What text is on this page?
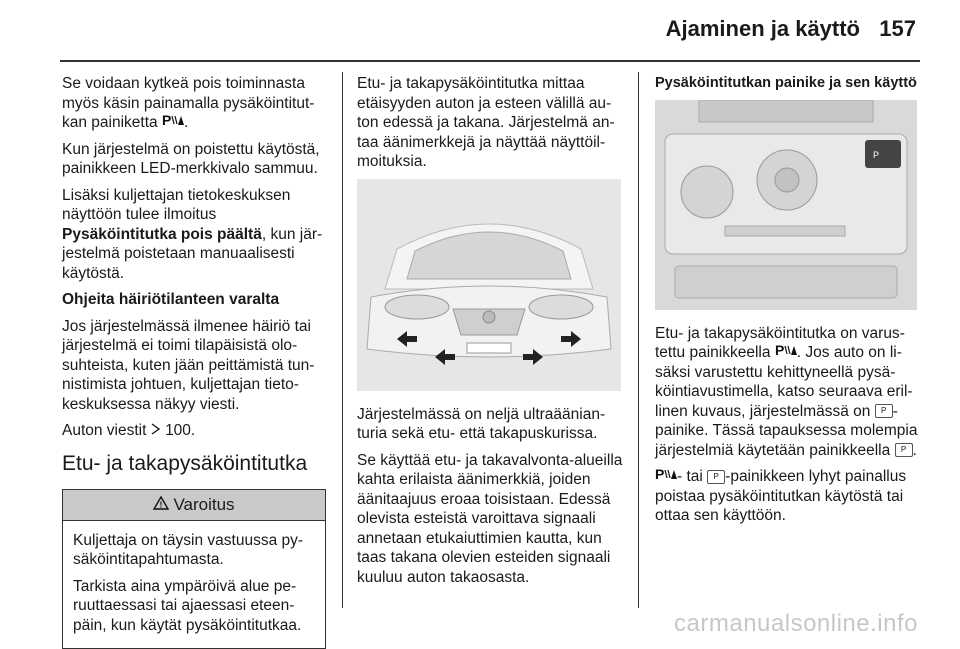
Ajaminen ja käyttö 157

Se voidaan kytkeä pois toiminnasta myös käsin painamalla pysäköintitutkan painiketta P .

Kun järjestelmä on poistettu käytöstä, painikkeen LED-merkkivalo sammuu.

Lisäksi kuljettajan tietokeskuksen näyttöön tulee ilmoitus
Pysäköintitutka pois päältä, kun järjestelmä poistetaan manuaalisesti käytöstä.

Ohjeita häiriötilanteen varalta

Jos järjestelmässä ilmenee häiriö tai järjestelmä ei toimi tilapäisistä olosuhteista, kuten jään peittämistä tunnistimista johtuen, kuljettajan tietokeskuksessa näkyy viesti.

Auton viestit 100.

Etu- ja takapysäköintitutka
! Varoitus

Kuljettaja on täysin vastuussa pysäköintitapahtumasta.

Tarkista aina ympäröivä alue peruuttaessasi tai ajaessasi eteenpäin, kun käytät pysäköintitutkaa.

Etu- ja takapysäköintitutka mittaa etäisyyden auton ja esteen välillä auton edessä ja takana. Järjestelmä antaa äänimerkkejä ja näyttää näyttöilmoituksia.

Järjestelmässä on neljä ultraäänianturia sekä etu- että takapuskurissa.

Se käyttää etu- ja takavalvonta-alueilla kahta erilaista äänimerkkiä, joiden äänitaajuus eroaa toisistaan. Edessä olevista esteistä varoittava signaali annetaan etukaiuttimien kautta, kun taas takana olevien esteiden signaali kuuluu auton takaosasta.

Pysäköintitutkan painike ja sen käyttö

P

Etu- ja takapysäköintitutka on varustettu painikkeella P . Jos auto on lisäksi varustettu kehittyneellä pysäköintiavustimella, katso seuraava erillinen kuvaus, järjestelmässä on P -painike. Tässä tapauksessa molempia järjestelmiä käytetään painikkeella P .

P - tai P -painikkeen lyhyt painallus poistaa pysäköintitutkan käytöstä tai ottaa sen käyttöön.

carmanualsonline.info
